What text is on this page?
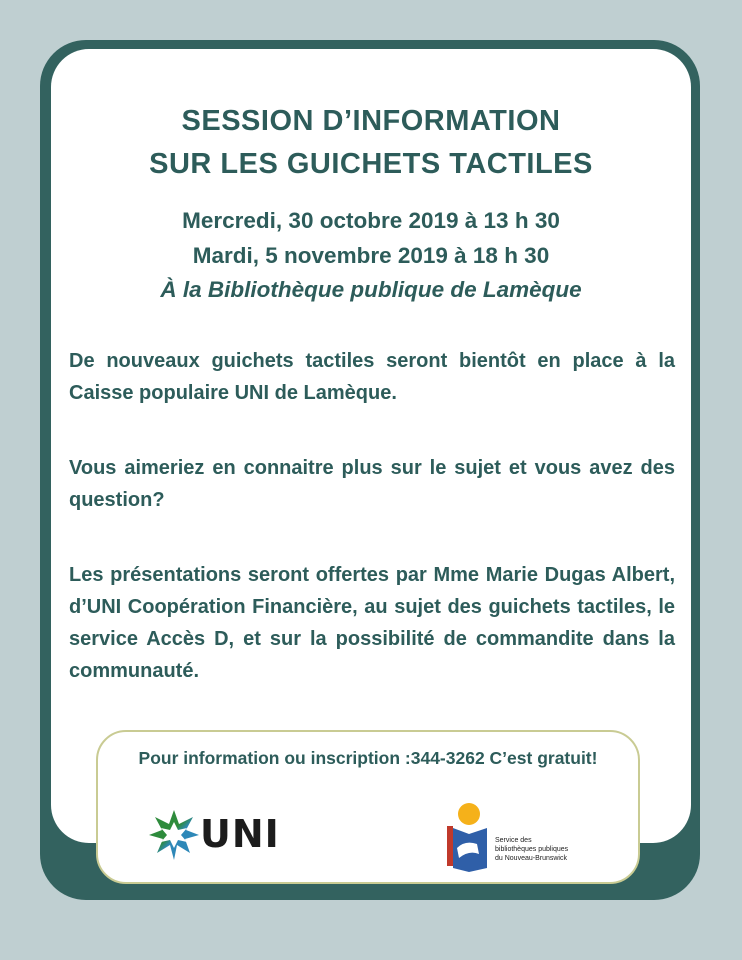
SESSION D’INFORMATION
SUR LES GUICHETS TACTILES

Mercredi, 30 octobre 2019 à 13 h 30

Mardi, 5 novembre 2019 à 18 h 30

À la Bibliothèque publique de Lamèque

De nouveaux guichets tactiles seront bientôt en place à la Caisse populaire UNI de Lamèque.

Vous aimeriez en connaitre plus sur le sujet et vous avez des question?

Les présentations seront offertes par Mme Marie Dugas Albert, d’UNI Coopération Financière, au sujet des guichets tactiles, le service Accès D, et sur la possibilité de commandite dans la communauté.

Pour information ou inscription :344-3262 C’est gratuit!

UNI	Service des
bibliothèques publiques
du Nouveau-Brunswick
